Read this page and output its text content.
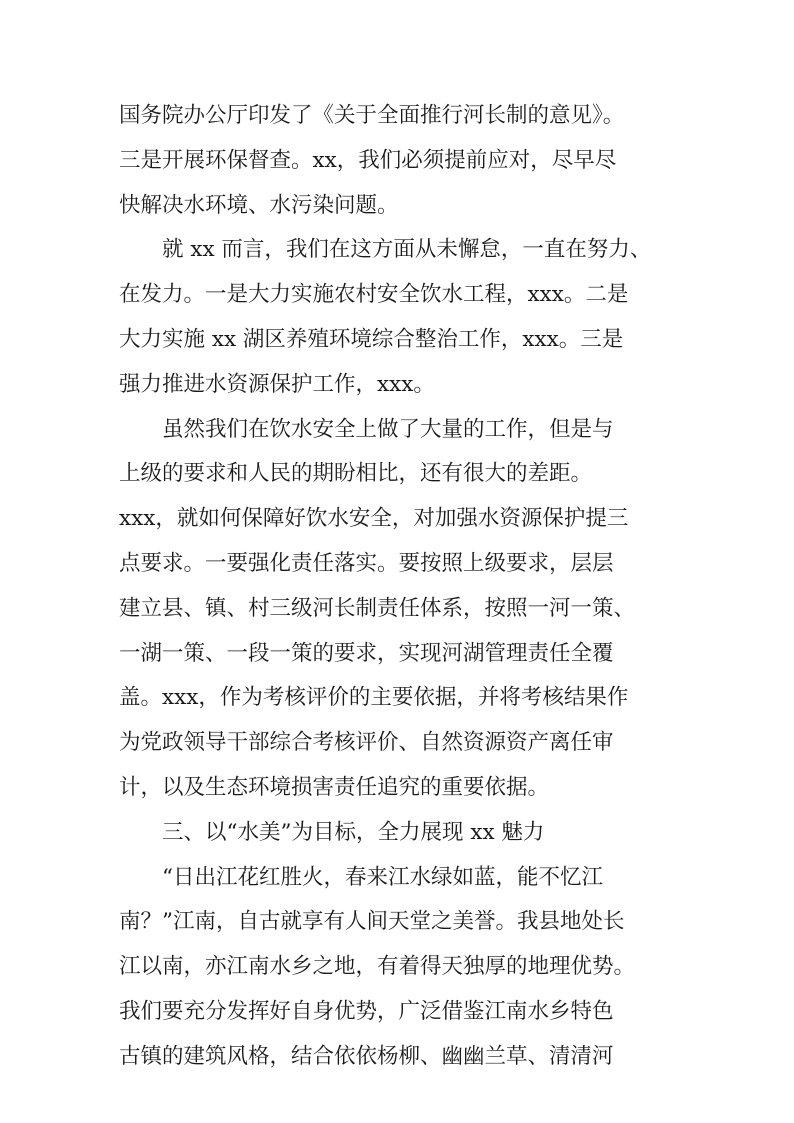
国务院办公厅印发了《关于全面推行河长制的意见》。
三是开展环保督查。xx，我们必须提前应对，尽早尽
快解决水环境、水污染问题。
就 xx 而言，我们在这方面从未懈怠，一直在努力、
在发力。一是大力实施农村安全饮水工程，xxx。二是
大力实施 xx 湖区养殖环境综合整治工作，xxx。三是
强力推进水资源保护工作，xxx。
虽然我们在饮水安全上做了大量的工作，但是与
上级的要求和人民的期盼相比，还有很大的差距。
xxx，就如何保障好饮水安全，对加强水资源保护提三
点要求。一要强化责任落实。要按照上级要求，层层
建立县、镇、村三级河长制责任体系，按照一河一策、
一湖一策、一段一策的要求，实现河湖管理责任全覆
盖。xxx，作为考核评价的主要依据，并将考核结果作
为党政领导干部综合考核评价、自然资源资产离任审
计，以及生态环境损害责任追究的重要依据。
三、以“水美”为目标，全力展现 xx 魅力
“日出江花红胜火，春来江水绿如蓝，能不忆江
南？”江南，自古就享有人间天堂之美誉。我县地处长
江以南，亦江南水乡之地，有着得天独厚的地理优势。
我们要充分发挥好自身优势，广泛借鉴江南水乡特色
古镇的建筑风格，结合依依杨柳、幽幽兰草、清清河
